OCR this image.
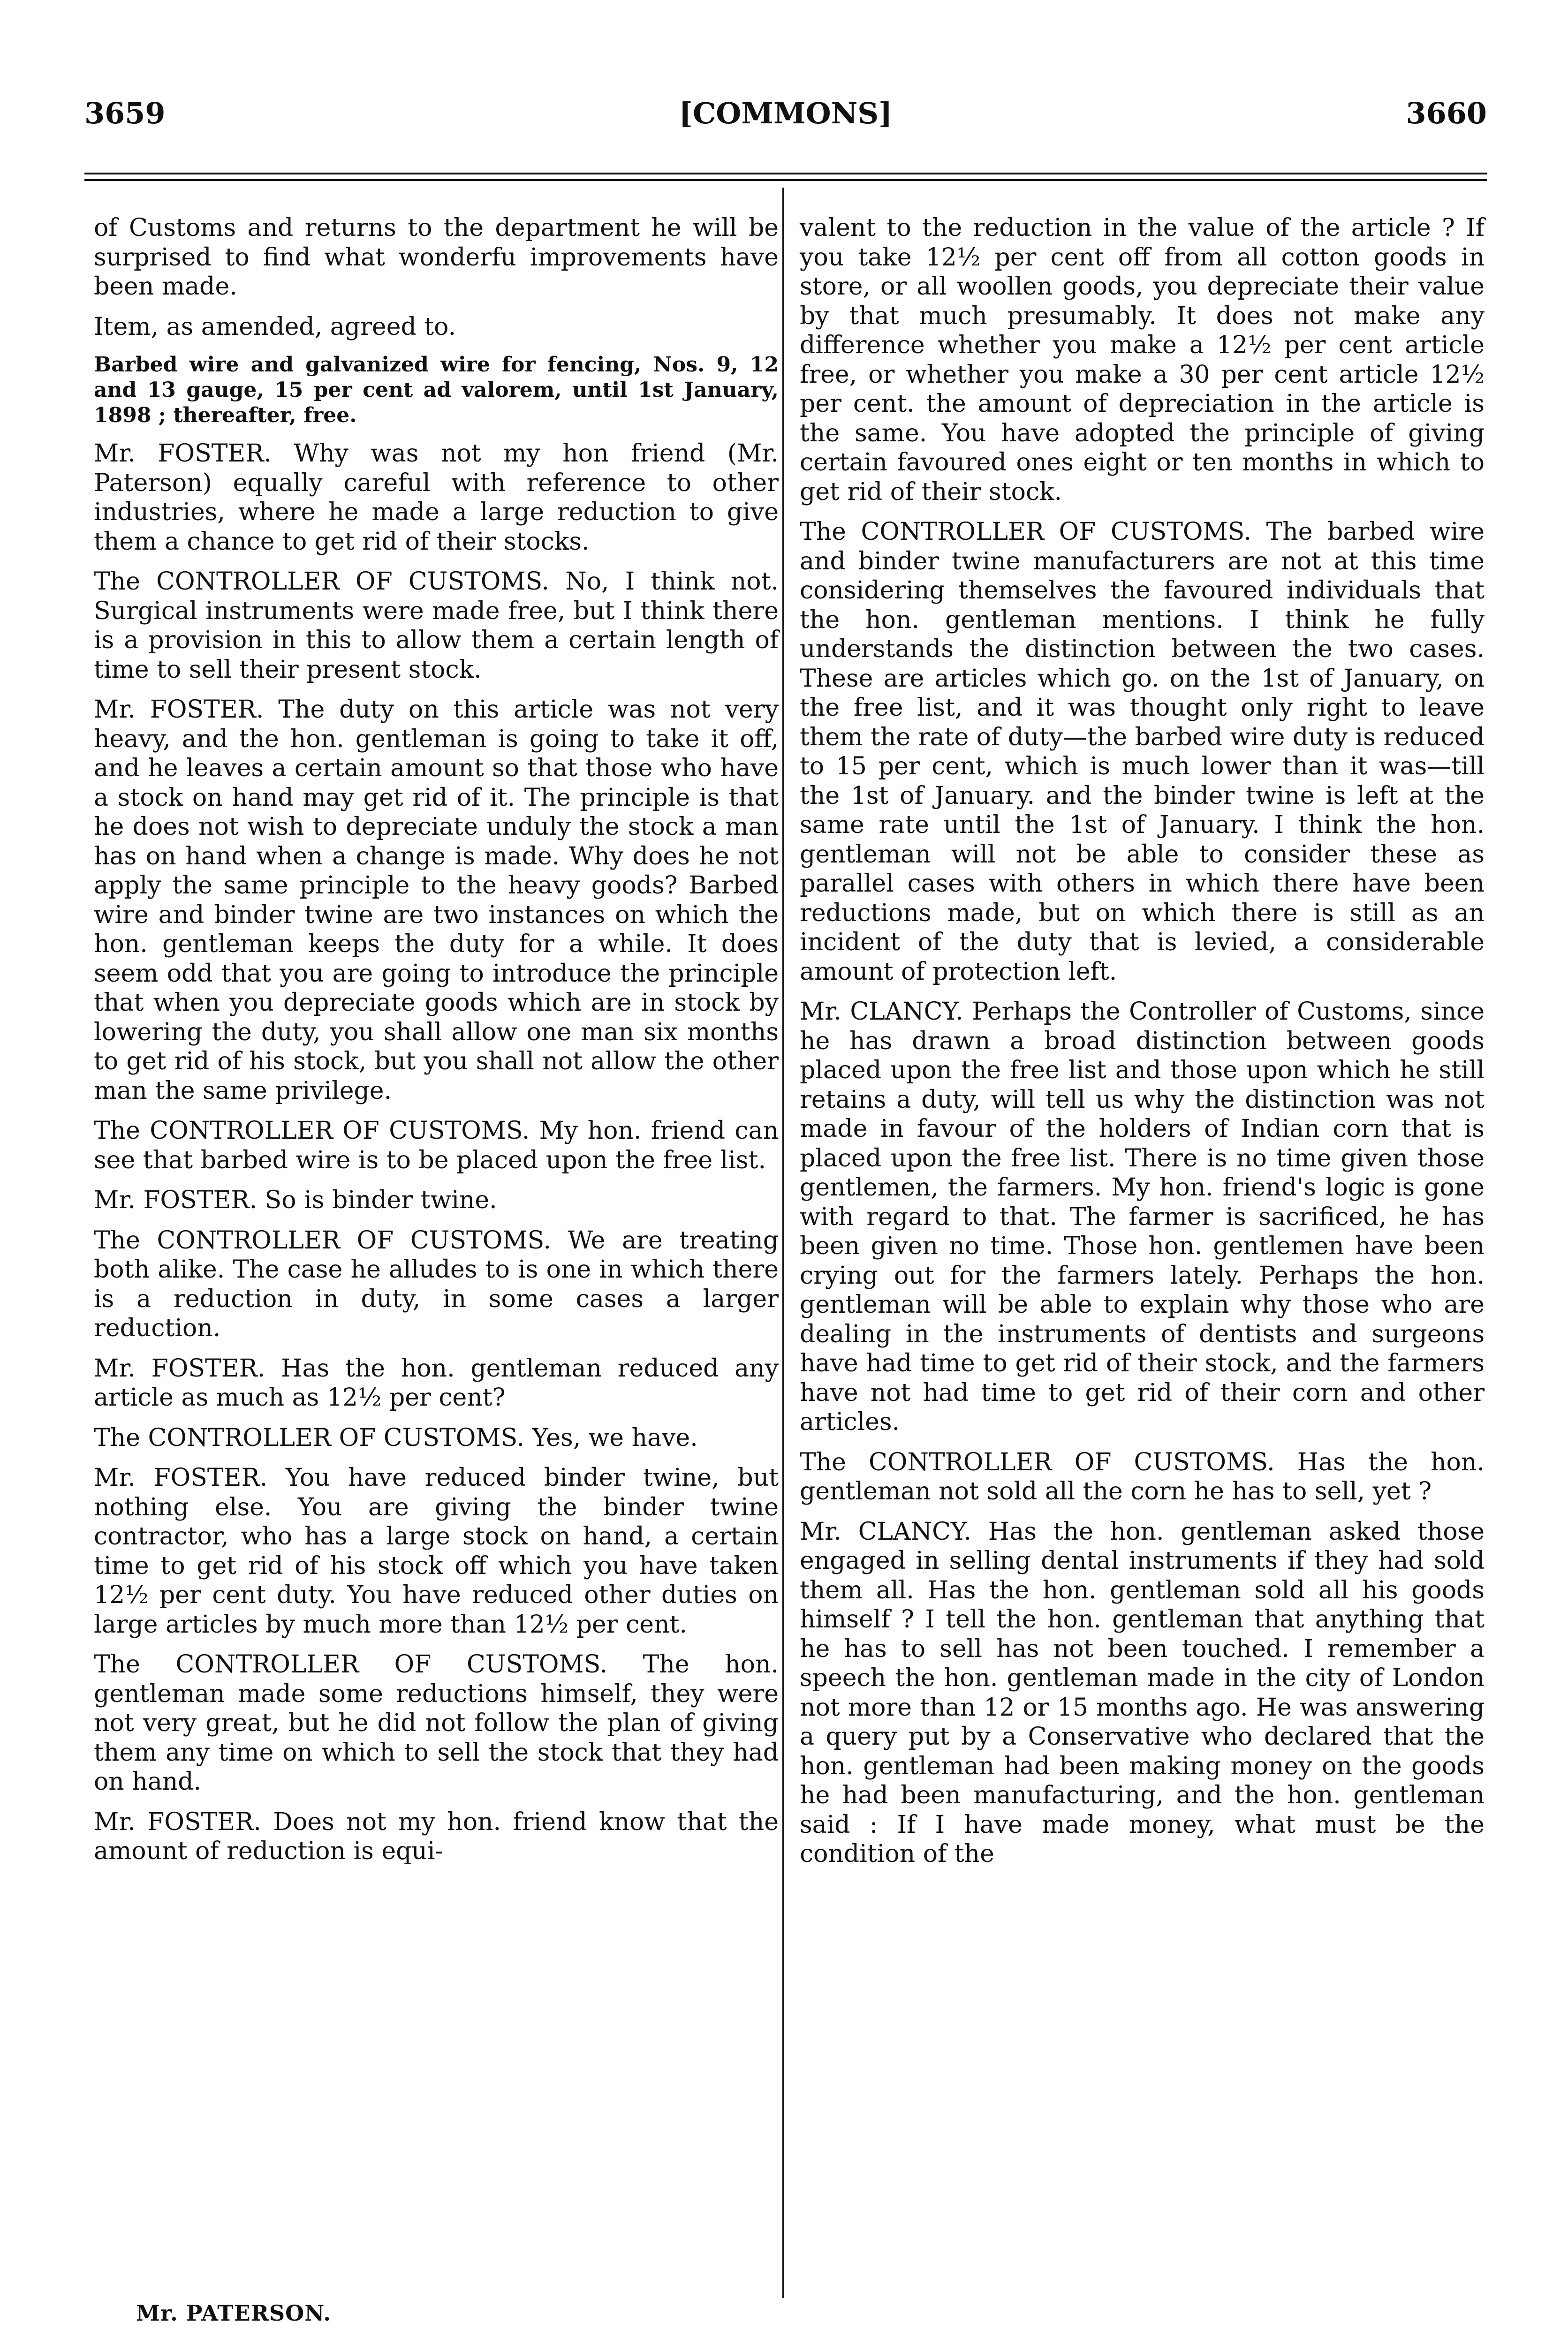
3659	[COMMONS]	3660

of Customs and returns to the department he will be surprised to find what wonderfu improvements have been made.

Item, as amended, agreed to.

Barbed wire and galvanized wire for fencing, Nos. 9, 12 and 13 gauge, 15 per cent ad valorem, until 1st January, 1898 ; thereafter, free.

Mr. FOSTER. Why was not my hon friend (Mr. Paterson) equally careful with reference to other industries, where he made a large reduction to give them a chance to get rid of their stocks.

The CONTROLLER OF CUSTOMS. No, I think not. Surgical instruments were made free, but I think there is a provision in this to allow them a certain length of time to sell their present stock.

Mr. FOSTER. The duty on this article was not very heavy, and the hon. gentleman is going to take it off, and he leaves a certain amount so that those who have a stock on hand may get rid of it. The principle is that he does not wish to depreciate unduly the stock a man has on hand when a change is made. Why does he not apply the same principle to the heavy goods? Barbed wire and binder twine are two instances on which the hon. gentleman keeps the duty for a while. It does seem odd that you are going to introduce the principle that when you depreciate goods which are in stock by lowering the duty, you shall allow one man six months to get rid of his stock, but you shall not allow the other man the same privilege.

The CONTROLLER OF CUSTOMS. My hon. friend can see that barbed wire is to be placed upon the free list.

Mr. FOSTER. So is binder twine.

The CONTROLLER OF CUSTOMS. We are treating both alike. The case he alludes to is one in which there is a reduction in duty, in some cases a larger reduction.

Mr. FOSTER. Has the hon. gentleman reduced any article as much as 12½ per cent?

The CONTROLLER OF CUSTOMS. Yes, we have.

Mr. FOSTER. You have reduced binder twine, but nothing else. You are giving the binder twine contractor, who has a large stock on hand, a certain time to get rid of his stock off which you have taken 12½ per cent duty. You have reduced other duties on large articles by much more than 12½ per cent.

The CONTROLLER OF CUSTOMS. The hon. gentleman made some reductions himself, they were not very great, but he did not follow the plan of giving them any time on which to sell the stock that they had on hand.

Mr. FOSTER. Does not my hon. friend know that the amount of reduction is equi-

valent to the reduction in the value of the article ? If you take 12½ per cent off from all cotton goods in store, or all woollen goods, you depreciate their value by that much presumably. It does not make any difference whether you make a 12½ per cent article free, or whether you make a 30 per cent article 12½ per cent. the amount of depreciation in the article is the same. You have adopted the principle of giving certain favoured ones eight or ten months in which to get rid of their stock.

The CONTROLLER OF CUSTOMS. The barbed wire and binder twine manufacturers are not at this time considering themselves the favoured individuals that the hon. gentleman mentions. I think he fully understands the distinction between the two cases. These are articles which go. on the 1st of January, on the free list, and it was thought only right to leave them the rate of duty—the barbed wire duty is reduced to 15 per cent, which is much lower than it was—till the 1st of January. and the binder twine is left at the same rate until the 1st of January. I think the hon. gentleman will not be able to consider these as parallel cases with others in which there have been reductions made, but on which there is still as an incident of the duty that is levied, a considerable amount of protection left.

Mr. CLANCY. Perhaps the Controller of Customs, since he has drawn a broad distinction between goods placed upon the free list and those upon which he still retains a duty, will tell us why the distinction was not made in favour of the holders of Indian corn that is placed upon the free list. There is no time given those gentlemen, the farmers. My hon. friend's logic is gone with regard to that. The farmer is sacrificed, he has been given no time. Those hon. gentlemen have been crying out for the farmers lately. Perhaps the hon. gentleman will be able to explain why those who are dealing in the instruments of dentists and surgeons have had time to get rid of their stock, and the farmers have not had time to get rid of their corn and other articles.

The CONTROLLER OF CUSTOMS. Has the hon. gentleman not sold all the corn he has to sell, yet ?

Mr. CLANCY. Has the hon. gentleman asked those engaged in selling dental instruments if they had sold them all. Has the hon. gentleman sold all his goods himself ? I tell the hon. gentleman that anything that he has to sell has not been touched. I remember a speech the hon. gentleman made in the city of London not more than 12 or 15 months ago. He was answering a query put by a Conservative who declared that the hon. gentleman had been making money on the goods he had been manufacturing, and the hon. gentleman said : If I have made money, what must be the condition of the

Mr. PATERSON.
